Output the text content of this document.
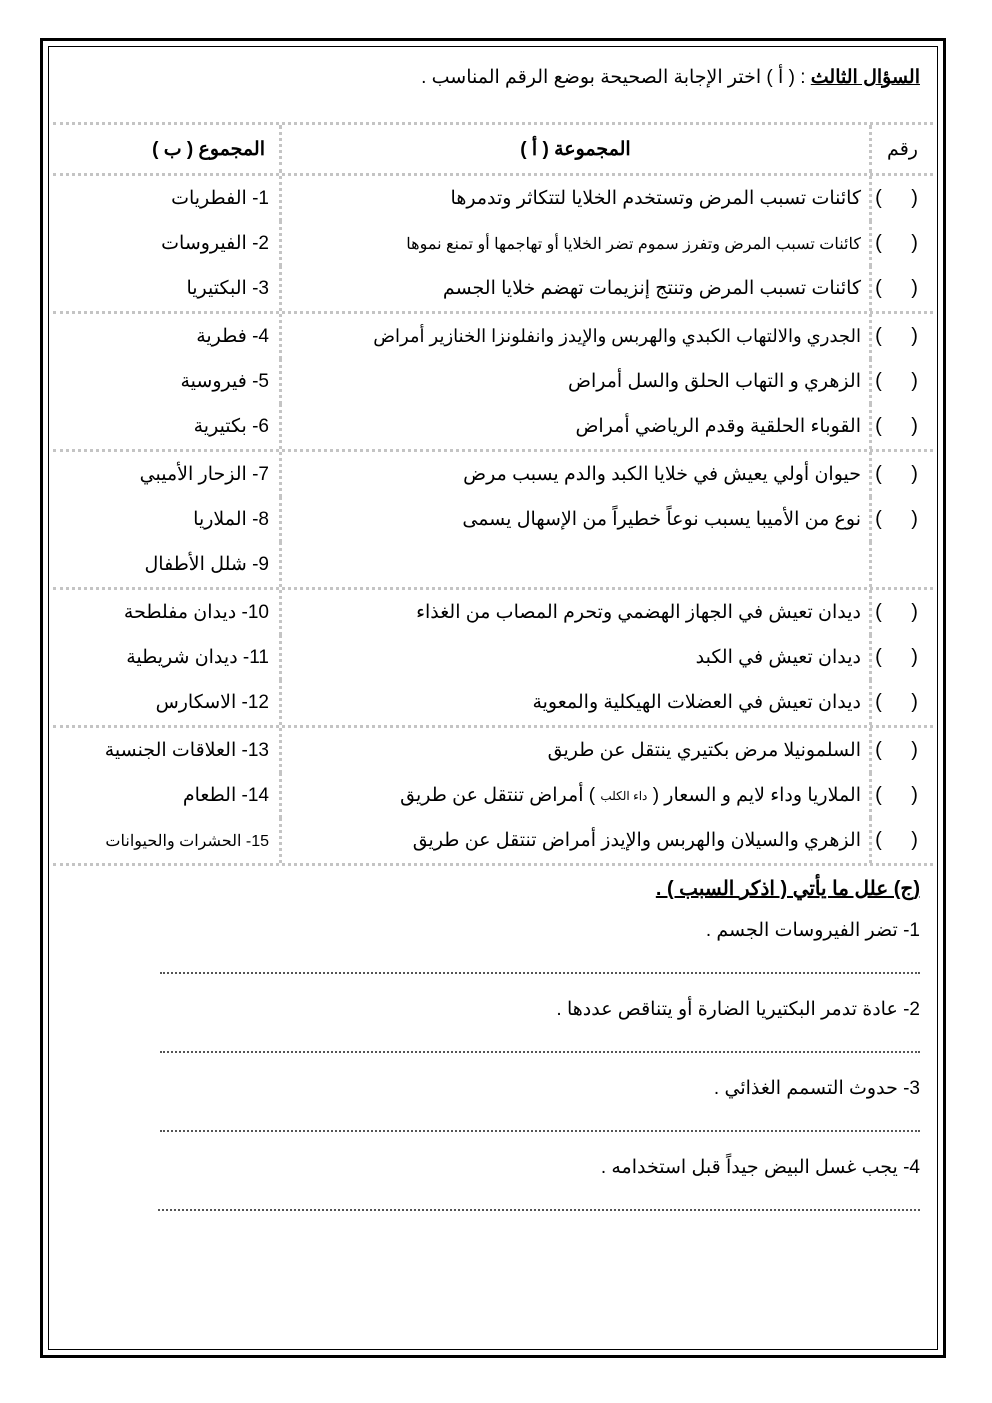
السؤال الثالث : ( أ ) اختر الإجابة الصحيحة بوضع الرقم المناسب .
رقم
المجموعة ( أ )
المجموع ( ب )
( )
كائنات تسبب المرض وتستخدم الخلايا لتتكاثر وتدمرها
1- الفطريات
( )
كائنات تسبب المرض وتفرز سموم تضر الخلايا أو تهاجمها أو تمنع نموها
2- الفيروسات
( )
كائنات تسبب المرض وتنتج إنزيمات تهضم خلايا الجسم
3- البكتيريا
( )
الجدري والالتهاب الكبدي والهربس والإيدز وانفلونزا الخنازير أمراض
4- فطرية
( )
الزهري و التهاب الحلق والسل أمراض
5- فيروسية
( )
القوباء الحلقية وقدم الرياضي أمراض
6- بكتيرية
( )
حيوان أولي يعيش في خلايا الكبد والدم يسبب مرض
7- الزحار الأميبي
( )
نوع من الأميبا يسبب نوعاً خطيراً من الإسهال يسمى
8- الملاريا
9- شلل الأطفال
( )
ديدان تعيش في الجهاز الهضمي وتحرم المصاب من الغذاء
10- ديدان مفلطحة
( )
ديدان تعيش في الكبد
11- ديدان شريطية
( )
ديدان تعيش في العضلات الهيكلية والمعوية
12- الاسكارس
( )
السلمونيلا مرض بكتيري ينتقل عن طريق
13- العلاقات الجنسية
( )
الملاريا وداء لايم و السعار (

داء الكلب

) أمراض تنتقل عن طريق
14- الطعام
( )
الزهري والسيلان والهربس والإيدز أمراض تنتقل عن طريق
15- الحشرات والحيوانات
(ج) علل ما يأتي ( اذكر السبب ) .
1- تضر الفيروسات الجسم .
2- عادة تدمر البكتيريا الضارة أو يتناقص عددها .
3- حدوث التسمم الغذائي .
4- يجب غسل البيض جيداً قبل استخدامه .
